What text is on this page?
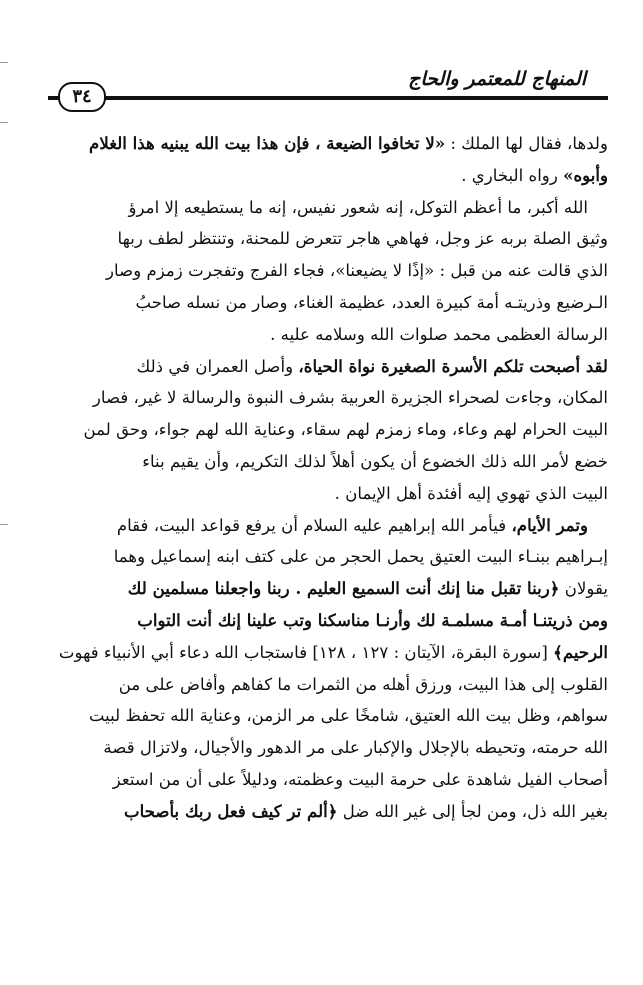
المنهاج للمعتمر والحاج
٣٤
ولدها، فقال لها الملك : «لا تخافوا الضيعة ، فإن هذا بيت الله يبنيه هذا الغلام
وأبوه» رواه البخاري .
الله أكبر، ما أعظم التوكل، إنه شعور نفيس، إنه ما يستطيعه إلا امرؤ
وثيق الصلة بربه عز وجل، فهاهي هاجر تتعرض للمحنة، وتنتظر لطف ربها
الذي قالت عنه من قبل : «إذًا لا يضيعنا»، فجاء الفرج وتفجرت زمزم وصار
الـرضيع وذريتـه أمة كبيرة العدد، عظيمة الغناء، وصار من نسله صاحبُ
الرسالة العظمى محمد صلوات الله وسلامه عليه .
لقد أصبحت تلكم الأسرة الصغيرة نواة الحياة، وأصل العمران في ذلك
المكان، وجاءت لصحراء الجزيرة العربية بشرف النبوة والرسالة لا غير، فصار
البيت الحرام لهم وعاء، وماء زمزم لهم سقاء، وعناية الله لهم جواء، وحق لمن
خضع لأمر الله ذلك الخضوع أن يكون أهلاً لذلك التكريم، وأن يقيم بناء
البيت الذي تهوي إليه أفئدة أهل الإيمان .
وتمر الأيام، فيأمر الله إبراهيم عليه السلام أن يرفع قواعد البيت، فقام
إبـراهيم ببنـاء البيت العتيق يحمل الحجر من على كتف ابنه إسماعيل وهما
يقولان ﴿ربنا تقبل منا إنك أنت السميع العليم . ربنا واجعلنا مسلمين لك
ومن ذريتنـا أمـة مسلمـة لك وأرنـا مناسكنا وتب علينا إنك أنت التواب
الرحيم﴾ [سورة البقرة، الآيتان : ١٢٧ ، ١٢٨] فاستجاب الله دعاء أبي الأنبياء فهوت
القلوب إلى هذا البيت، ورزق أهله من الثمرات ما كفاهم وأفاض على من
سواهم، وظل بيت الله العتيق، شامخًا على مر الزمن، وعناية الله تحفظ لبيت
الله حرمته، وتحيطه بالإجلال والإكبار على مر الدهور والأجيال، ولاتزال قصة
أصحاب الفيل شاهدة على حرمة البيت وعظمته، ودليلاً على أن من استعز
بغير الله ذل، ومن لجأ إلى غير الله ضل ﴿ألم تر كيف فعل ربك بأصحاب
